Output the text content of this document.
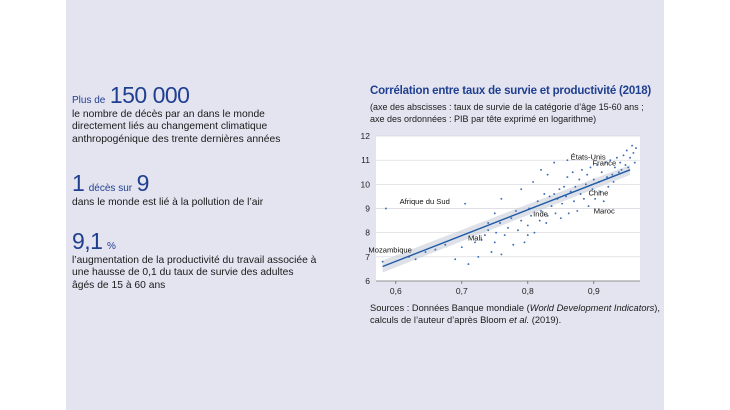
Plus de 150 000
le nombre de décès par an dans le monde directement liés au changement climatique anthropogénique des trente dernières années
1 décès sur 9
dans le monde est lié à la pollution de l’air
9,1 %
l’augmentation de la productivité du travail associée à une hausse de 0,1 du taux de survie des adultes âgés de 15 à 60 ans
Corrélation entre taux de survie et productivité (2018)
(axe des abscisses : taux de survie de la catégorie d’âge 15-60 ans ; axe des ordonnées : PIB par tête exprimé en logarithme)
6
7
8
9
10
11
12
0,6	0,7	0,8	0,9
États-Unis
France
Chine
Maroc
Afrique du Sud
Inde
Mali
Mozambique
Sources : Données Banque mondiale (World Development Indicators), calculs de l’auteur d’après Bloom et al. (2019).
